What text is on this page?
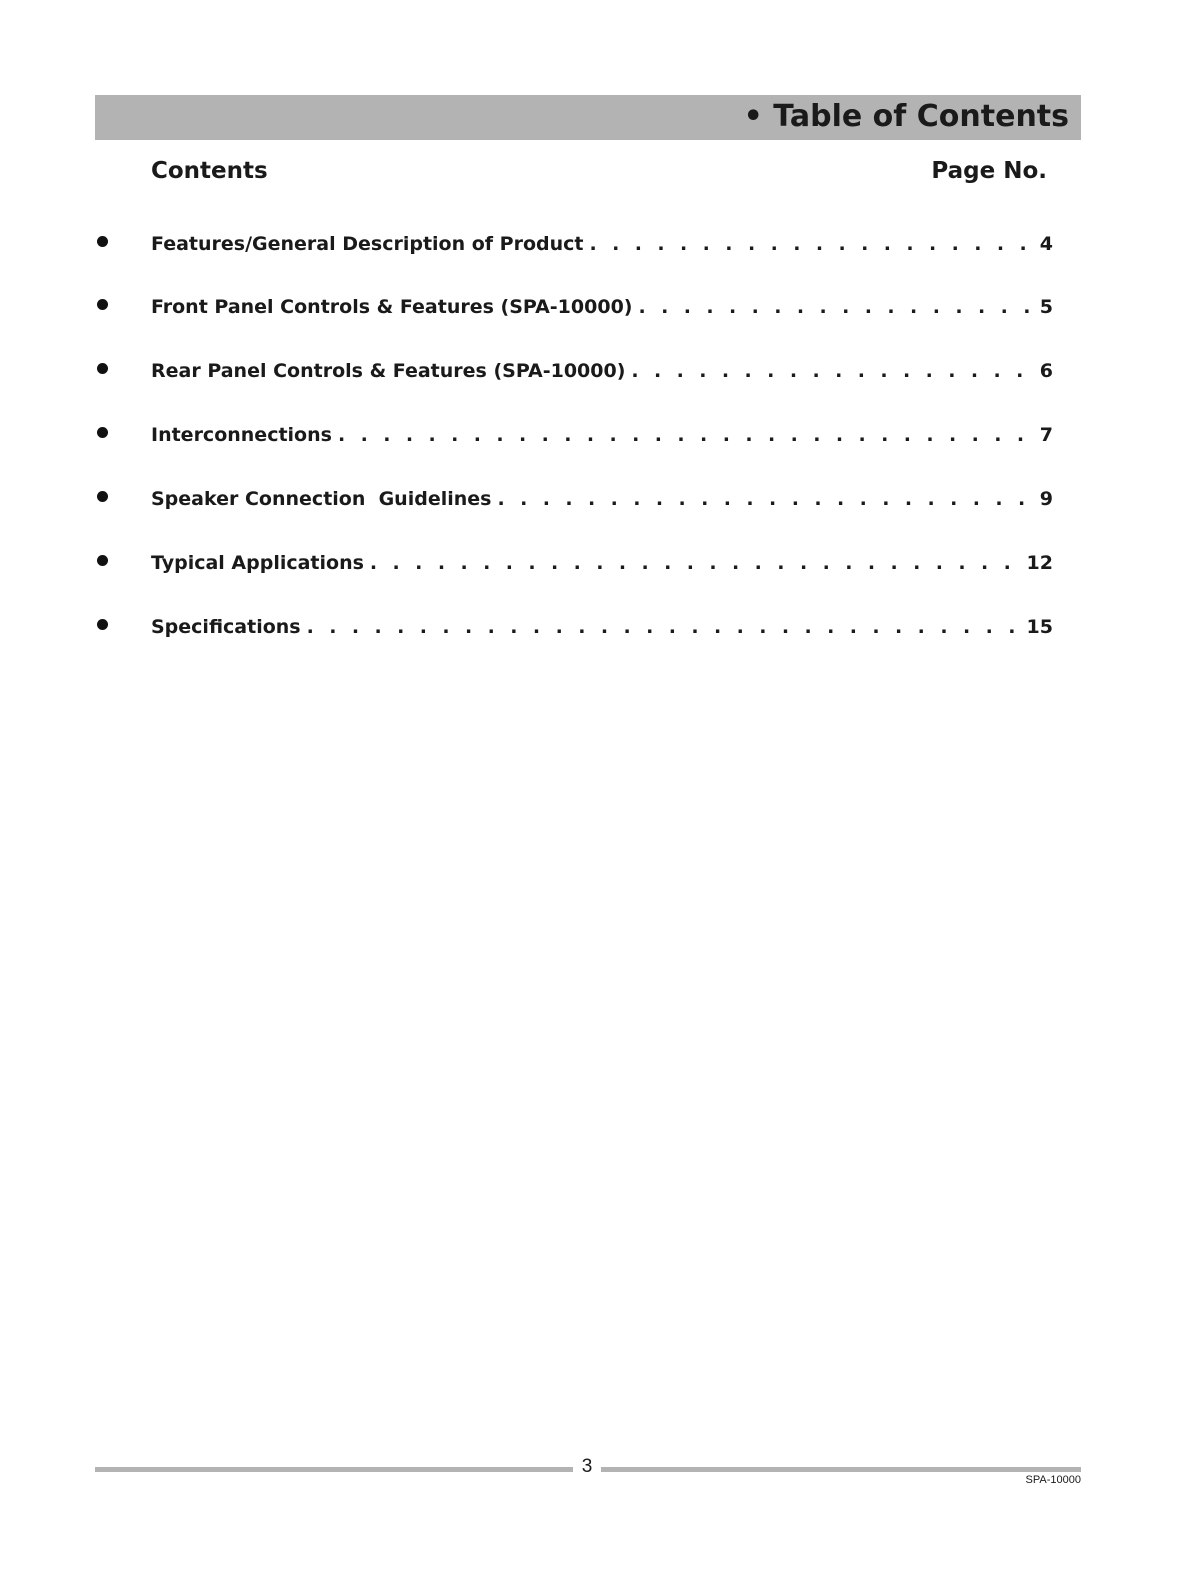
• Table of Contents
Contents	Page No.
Features/General Description of Product . . .	4
Front Panel Controls & Features (SPA-10000) . . .	5
Rear Panel Controls & Features (SPA-10000) . . .	6
Interconnections . . .	7
Speaker Connection  Guidelines . . .	9
Typical Applications . . .	12
Specifications . . .	15
3
SPA-10000
